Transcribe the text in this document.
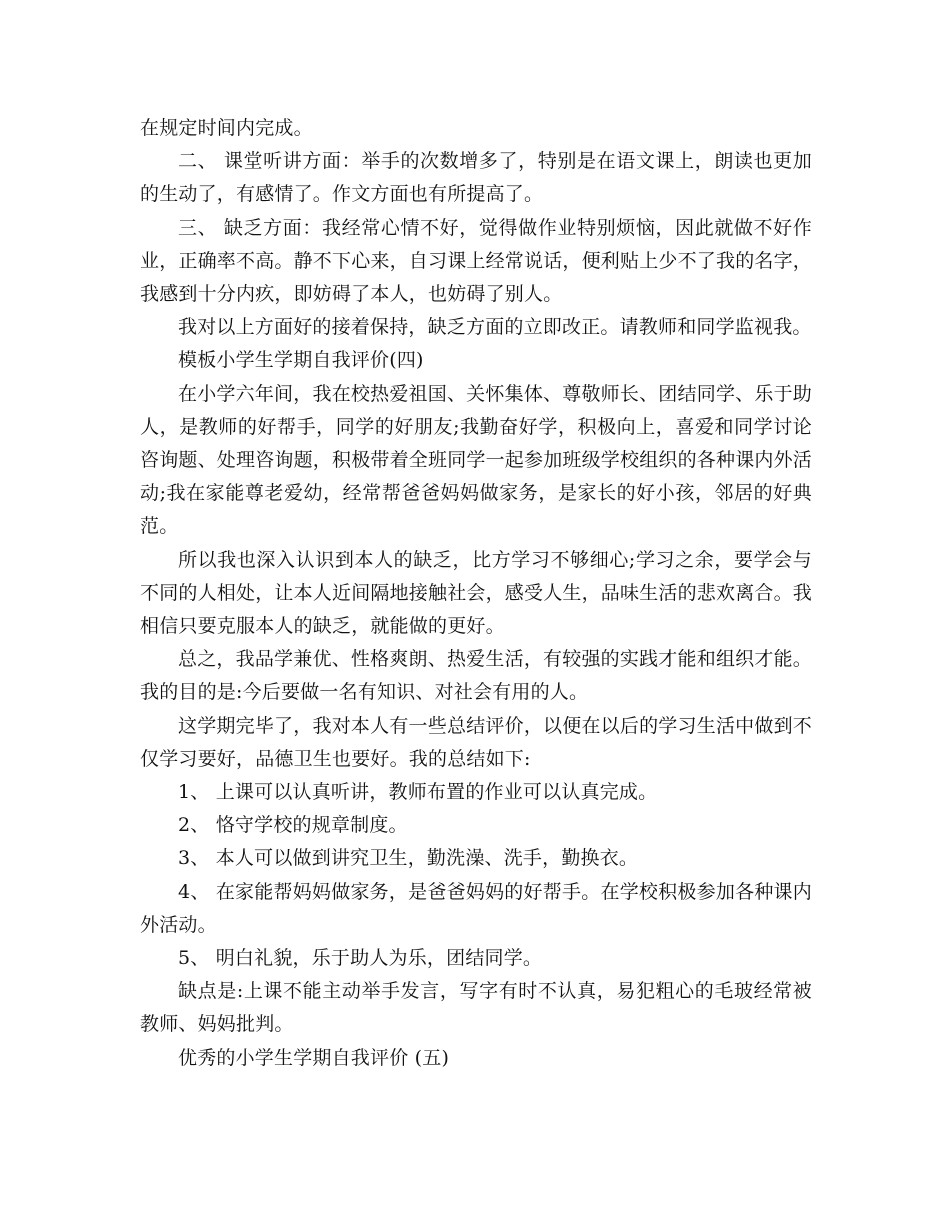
在规定时间内完成。

二、 课堂听讲方面：举手的次数增多了，特别是在语文课上，朗读也更加的生动了，有感情了。作文方面也有所提高了。

三、 缺乏方面：我经常心情不好，觉得做作业特别烦恼，因此就做不好作业，正确率不高。静不下心来，自习课上经常说话，便利贴上少不了我的名字，我感到十分内疚，即妨碍了本人，也妨碍了别人。

我对以上方面好的接着保持，缺乏方面的立即改正。请教师和同学监视我。

模板小学生学期自我评价(四)

在小学六年间，我在校热爱祖国、关怀集体、尊敬师长、团结同学、乐于助人，是教师的好帮手，同学的好朋友;我勤奋好学，积极向上，喜爱和同学讨论咨询题、处理咨询题，积极带着全班同学一起参加班级学校组织的各种课内外活动;我在家能尊老爱幼，经常帮爸爸妈妈做家务，是家长的好小孩，邻居的好典范。

所以我也深入认识到本人的缺乏，比方学习不够细心;学习之余，要学会与不同的人相处，让本人近间隔地接触社会，感受人生，品味生活的悲欢离合。我相信只要克服本人的缺乏，就能做的更好。

总之，我品学兼优、性格爽朗、热爱生活，有较强的实践才能和组织才能。我的目的是:今后要做一名有知识、对社会有用的人。

这学期完毕了，我对本人有一些总结评价，以便在以后的学习生活中做到不仅学习要好，品德卫生也要好。我的总结如下:

1、 上课可以认真听讲，教师布置的作业可以认真完成。

2、 恪守学校的规章制度。

3、 本人可以做到讲究卫生，勤洗澡、洗手，勤换衣。

4、 在家能帮妈妈做家务，是爸爸妈妈的好帮手。在学校积极参加各种课内外活动。

5、 明白礼貌，乐于助人为乐，团结同学。

缺点是:上课不能主动举手发言，写字有时不认真，易犯粗心的毛玻经常被教师、妈妈批判。

优秀的小学生学期自我评价 (五)
